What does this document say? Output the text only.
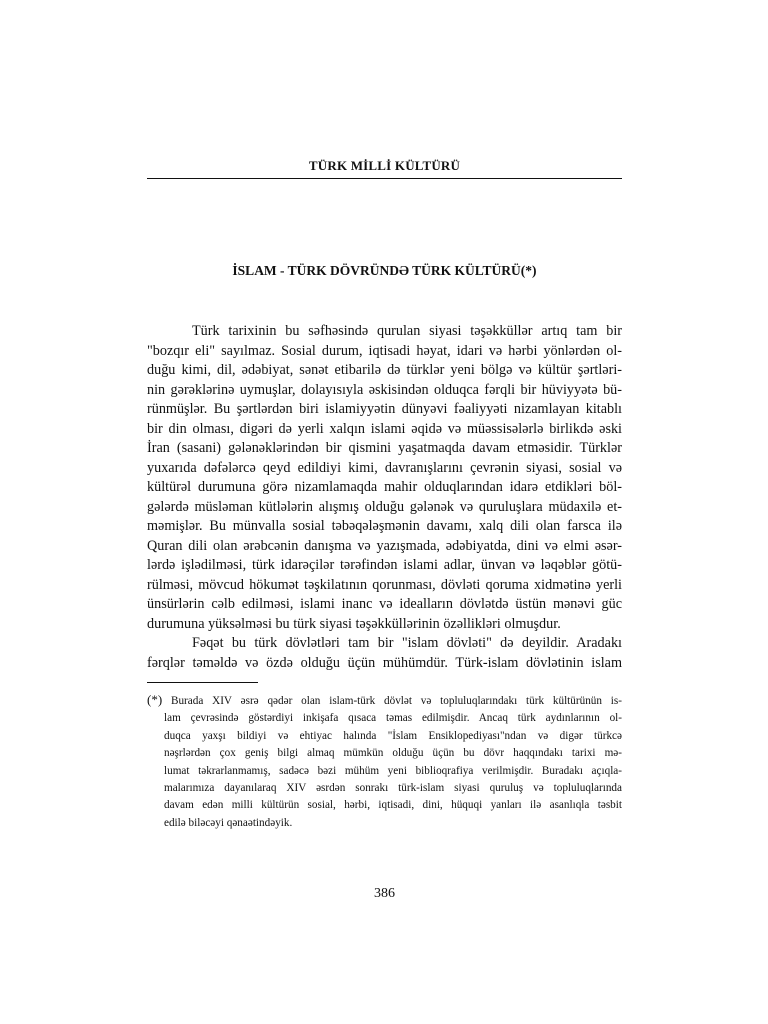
TÜRK MİLLİ KÜLTÜRÜ
İSLAM - TÜRK DÖVRÜNDƏ TÜRK KÜLTÜRÜ(*)
Türk tarixinin bu səfhəsində qurulan siyasi təşəkküllər artıq tam bir
"bozqır eli" sayılmaz. Sosial durum, iqtisadi həyat, idari və hərbi yönlərdən ol-
duğu kimi, dil, ədəbiyat, sənət etibarilə də türklər yeni bölgə və kültür şərtləri-
nin gərəklərinə uymuşlar, dolayısıyla əskisindən olduqca fərqli bir hüviyyətə bü-
rünmüşlər. Bu şərtlərdən biri islamiyyətin dünyəvi fəaliyyəti nizamlayan kitablı
bir din olması, digəri də yerli xalqın islami əqidə və müəssisələrlə birlikdə əski
İran (sasani) gələnəklərindən bir qismini yaşatmaqda davam etməsidir. Türklər
yuxarıda dəfələrcə qeyd edildiyi kimi, davranışlarını çevrənin siyasi, sosial və
kültürəl durumuna görə nizamlamaqda mahir olduqlarından idarə etdikləri böl-
gələrdə müsləman kütlələrin alışmış olduğu gələnək və quruluşlara müdaxilə et-
məmişlər. Bu münvalla sosial təbəqələşmənin davamı, xalq dili olan farsca ilə
Quran dili olan ərəbcənin danışma və yazışmada, ədəbiyatda, dini və elmi əsər-
lərdə işlədilməsi, türk idarəçilər tərəfindən islami adlar, ünvan və ləqəblər götü-
rülməsi, mövcud hökumət təşkilatının qorunması, dövləti qoruma xidmətinə yerli
ünsürlərin cəlb edilməsi, islami inanc və idealların dövlətdə üstün mənəvi güc
durumuna yüksəlməsi bu türk siyasi təşəkküllərinin özəllikləri olmuşdur.
Fəqət bu türk dövlətləri tam bir "islam dövləti" də deyildir. Aradakı
fərqlər təməldə və özdə olduğu üçün mühümdür. Türk-islam dövlətinin islam
(*) Burada XIV əsrə qədər olan islam-türk dövlət və topluluqlarındakı türk kültürünün is-
lam çevrəsində göstərdiyi inkişafa qısaca təmas edilmişdir. Ancaq türk aydınlarının ol-
duqca yaxşı bildiyi və ehtiyac halında "İslam Ensiklopediyası"ndan və digər türkcə
nəşrlərdən çox geniş bilgi almaq mümkün olduğu üçün bu dövr haqqındakı tarixi mə-
lumat təkrarlanmamış, sadəcə bəzi mühüm yeni biblioqrafiya verilmişdir. Buradakı açıqla-
malarımıza dayanılaraq XIV əsrdən sonrakı türk-islam siyasi quruluş və topluluqlarında
davam edən milli kültürün sosial, hərbi, iqtisadi, dini, hüquqi yanları ilə asanlıqla təsbit
edilə biləcəyi qənaətindəyik.
386
